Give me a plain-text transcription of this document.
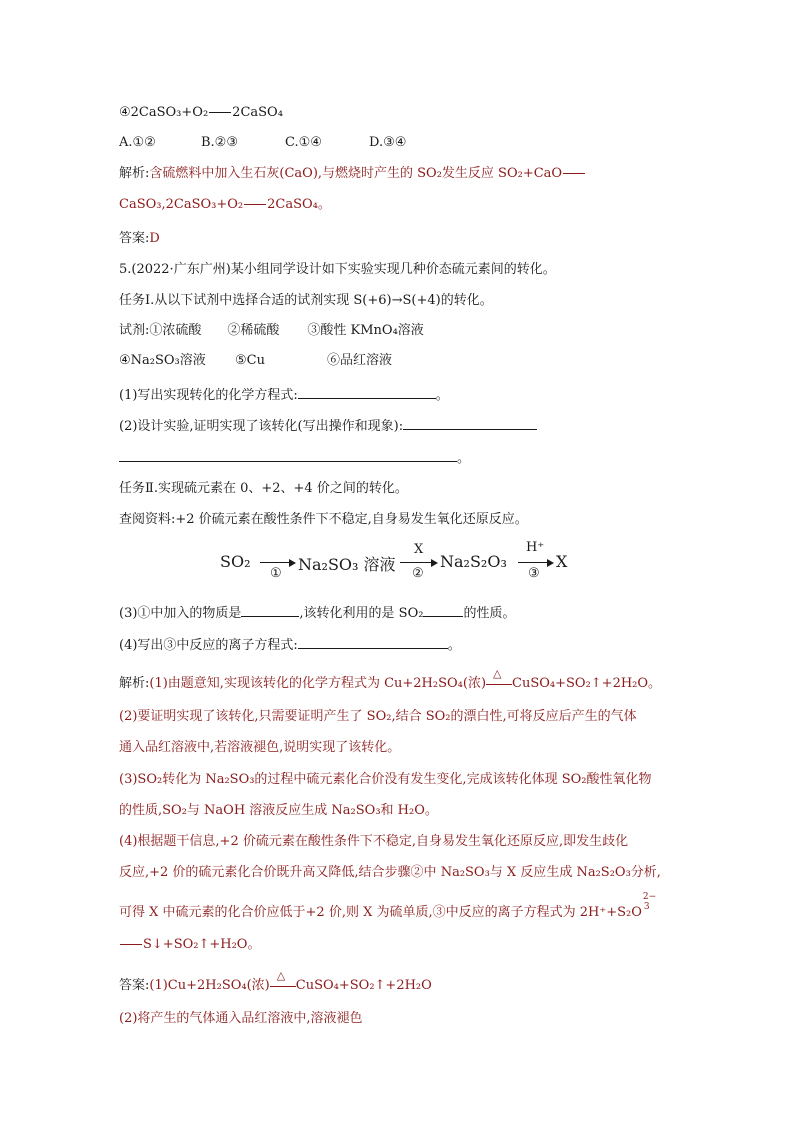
④2CaSO₃+O₂ 2CaSO₄
A.①②	B.②③	C.①④	D.③④
解析:含硫燃料中加入生石灰(CaO),与燃烧时产生的 SO₂发生反应 SO₂+CaO
CaSO₃,2CaSO₃+O₂ 2CaSO₄。
答案:D
5.(2022·广东广州)某小组同学设计如下实验实现几种价态硫元素间的转化。
任务Ⅰ.从以下试剂中选择合适的试剂实现 S(+6)→S(+4)的转化。
试剂:①浓硫酸 ②稀硫酸 ③酸性 KMnO₄溶液
④Na₂SO₃溶液 ⑤Cu	⑥品红溶液
(1)写出实现转化的化学方程式:	。
(2)设计实验,证明实现了该转化(写出操作和现象):
。
任务Ⅱ.实现硫元素在 0、+2、+4 价之间的转化。
查阅资料:+2 价硫元素在酸性条件下不稳定,自身易发生氧化还原反应。
SO₂
① Na₂SO₃ 溶液
X
②
Na₂S₂O₃
H⁺
③
X
(3)①中加入的物质是	,该转化利用的是 SO₂	的性质。
(4)写出③中反应的离子方程式:	。
解析:(1)由题意知,实现该转化的化学方程式为 Cu+2H₂SO₄(浓)
△
CuSO₄+SO₂↑+2H₂O。
(2)要证明实现了该转化,只需要证明产生了 SO₂,结合 SO₂的漂白性,可将反应后产生的气体
通入品红溶液中,若溶液褪色,说明实现了该转化。
(3)SO₂转化为 Na₂SO₃的过程中硫元素化合价没有发生变化,完成该转化体现 SO₂酸性氧化物
的性质,SO₂与 NaOH 溶液反应生成 Na₂SO₃和 H₂O。
(4)根据题干信息,+2 价硫元素在酸性条件下不稳定,自身易发生氧化还原反应,即发生歧化
反应,+2 价的硫元素化合价既升高又降低,结合步骤②中 Na₂SO₃与 X 反应生成 Na₂S₂O₃分析,
可得 X 中硫元素的化合价应低于+2 价,则 X 为硫单质,③中反应的离子方程式为 2H⁺+S₂O
2−
3
S↓+SO₂↑+H₂O。
答案:(1)Cu+2H₂SO₄(浓)
△
CuSO₄+SO₂↑+2H₂O
(2)将产生的气体通入品红溶液中,溶液褪色
